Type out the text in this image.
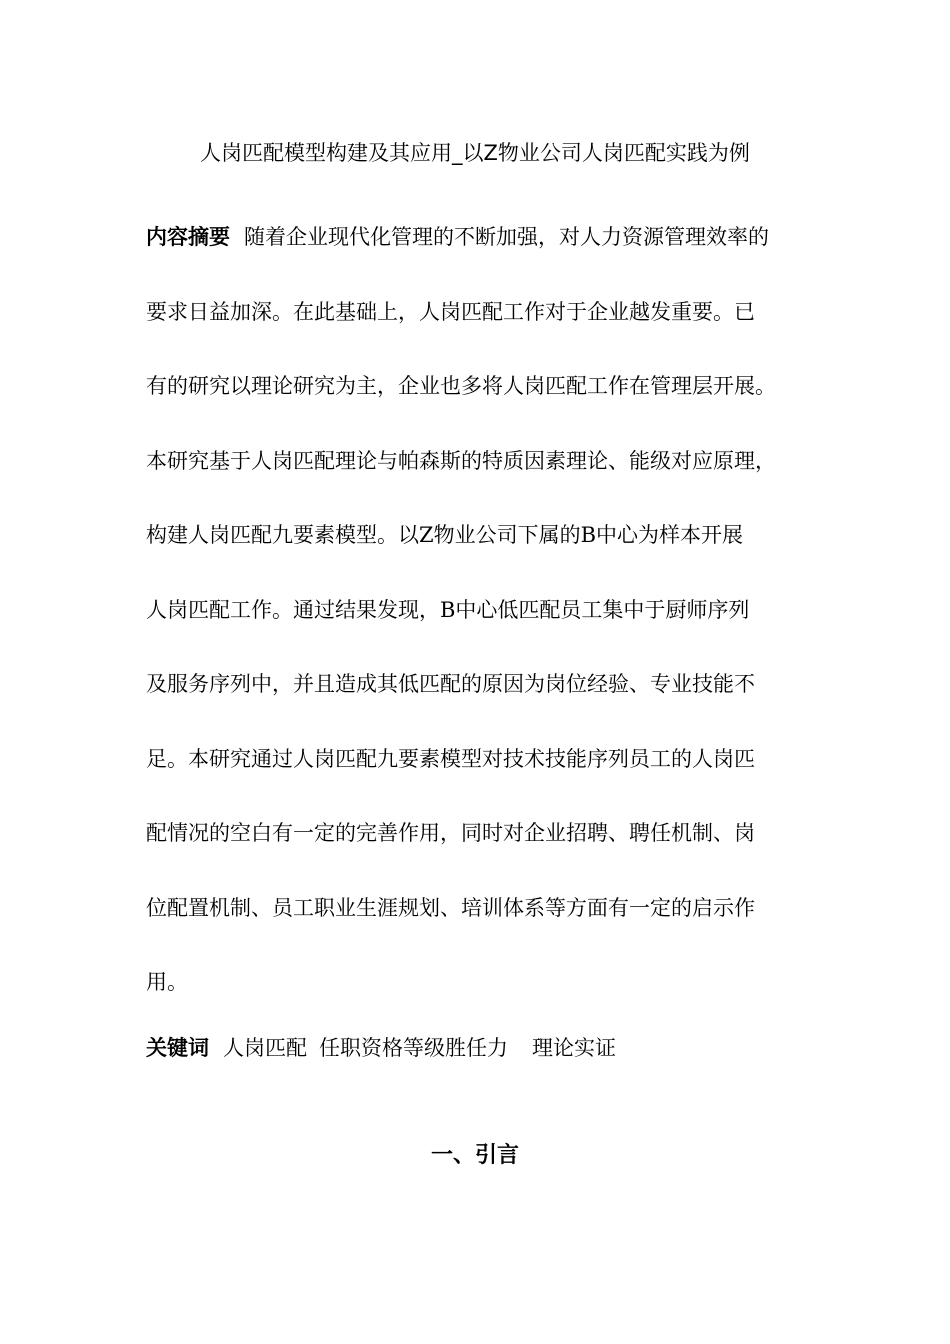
人岗匹配模型构建及其应用_以Z物业公司人岗匹配实践为例
内容摘要 随着企业现代化管理的不断加强，对人力资源管理效率的
要求日益加深。在此基础上，人岗匹配工作对于企业越发重要。已
有的研究以理论研究为主，企业也多将人岗匹配工作在管理层开展。
本研究基于人岗匹配理论与帕森斯的特质因素理论、能级对应原理，
构建人岗匹配九要素模型。以Z物业公司下属的B中心为样本开展
人岗匹配工作。通过结果发现，B中心低匹配员工集中于厨师序列
及服务序列中，并且造成其低匹配的原因为岗位经验、专业技能不
足。本研究通过人岗匹配九要素模型对技术技能序列员工的人岗匹
配情况的空白有一定的完善作用，同时对企业招聘、聘任机制、岗
位配置机制、员工职业生涯规划、培训体系等方面有一定的启示作
用。
关键词 人岗匹配 任职资格等级胜任力 理论实证
一、引言
